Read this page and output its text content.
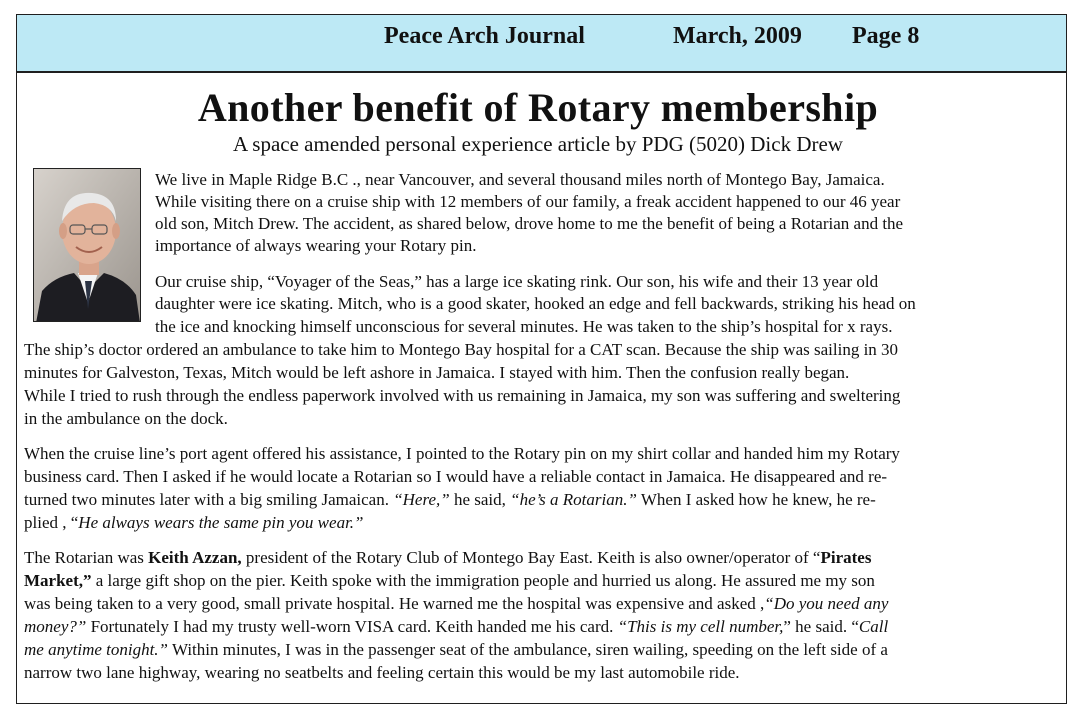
Peace Arch Journal	March, 2009 Page 8
Another benefit of Rotary membership
A space amended personal experience article by PDG (5020) Dick Drew
We live in Maple Ridge B.C ., near Vancouver, and several thousand miles north of Montego Bay, Jamaica.
While visiting there on a cruise ship with 12 members of our family, a freak accident happened to our 46 year
old son, Mitch Drew. The accident, as shared below, drove home to me the benefit of being a Rotarian and the
importance of always wearing your Rotary pin.
Our cruise ship, “Voyager of the Seas,” has a large ice skating rink. Our son, his wife and their 13 year old
daughter were ice skating. Mitch, who is a good skater, hooked an edge and fell backwards, striking his head on
the ice and knocking himself unconscious for several minutes. He was taken to the ship’s hospital for x rays.
The ship’s doctor ordered an ambulance to take him to Montego Bay hospital for a CAT scan. Because the ship was sailing in 30
minutes for Galveston, Texas, Mitch would be left ashore in Jamaica. I stayed with him. Then the confusion really began.
While I tried to rush through the endless paperwork involved with us remaining in Jamaica, my son was suffering and sweltering
in the ambulance on the dock.
When the cruise line’s port agent offered his assistance, I pointed to the Rotary pin on my shirt collar and handed him my Rotary
business card. Then I asked if he would locate a Rotarian so I would have a reliable contact in Jamaica. He disappeared and re-
turned two minutes later with a big smiling Jamaican. “Here,” he said, “he’s a Rotarian.” When I asked how he knew, he re-
plied , “He always wears the same pin you wear.”
The Rotarian was Keith Azzan, president of the Rotary Club of Montego Bay East. Keith is also owner/operator of “Pirates
Market,” a large gift shop on the pier. Keith spoke with the immigration people and hurried us along. He assured me my son
was being taken to a very good, small private hospital. He warned me the hospital was expensive and asked ,“Do you need any
money?” Fortunately I had my trusty well-worn VISA card. Keith handed me his card. “This is my cell number,” he said. “Call
me anytime tonight.” Within minutes, I was in the passenger seat of the ambulance, siren wailing, speeding on the left side of a
narrow two lane highway, wearing no seatbelts and feeling certain this would be my last automobile ride.
